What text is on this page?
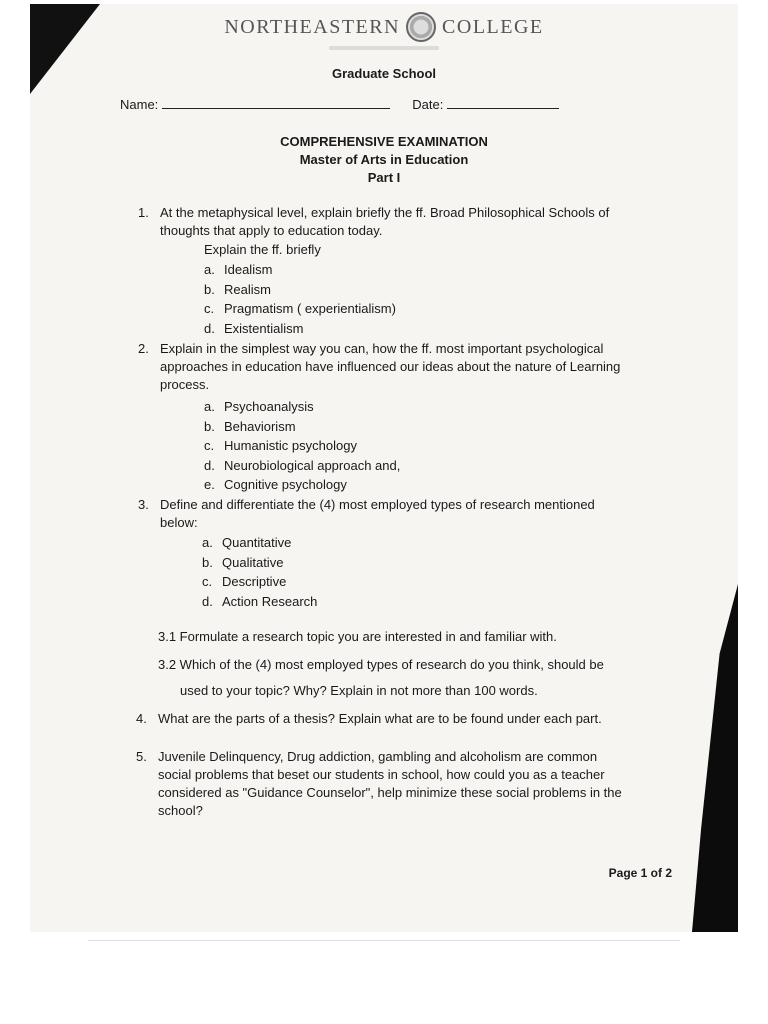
NORTHEASTERN COLLEGE
Graduate School
Name:	Date:
COMPREHENSIVE EXAMINATION
Master of Arts in Education
Part I
1. At the metaphysical level, explain briefly the ff. Broad Philosophical Schools of
thoughts that apply to education today.
Explain the ff. briefly
a. Idealism
b. Realism
c. Pragmatism ( experientialism)
d. Existentialism
2. Explain in the simplest way you can, how the ff. most important psychological
approaches in education have influenced our ideas about the nature of Learning
process.
a. Psychoanalysis
b. Behaviorism
c. Humanistic psychology
d. Neurobiological approach and,
e. Cognitive psychology
3. Define and differentiate the (4) most employed types of research mentioned
below:
a. Quantitative
b. Qualitative
c. Descriptive
d. Action Research
3.1 Formulate a research topic you are interested in and familiar with.
3.2 Which of the (4) most employed types of research do you think, should be
used to your topic? Why? Explain in not more than 100 words.
4. What are the parts of a thesis? Explain what are to be found under each part.
5. Juvenile Delinquency, Drug addiction, gambling and alcoholism are common
social problems that beset our students in school, how could you as a teacher
considered as "Guidance Counselor", help minimize these social problems in the
school?
Page 1 of 2
